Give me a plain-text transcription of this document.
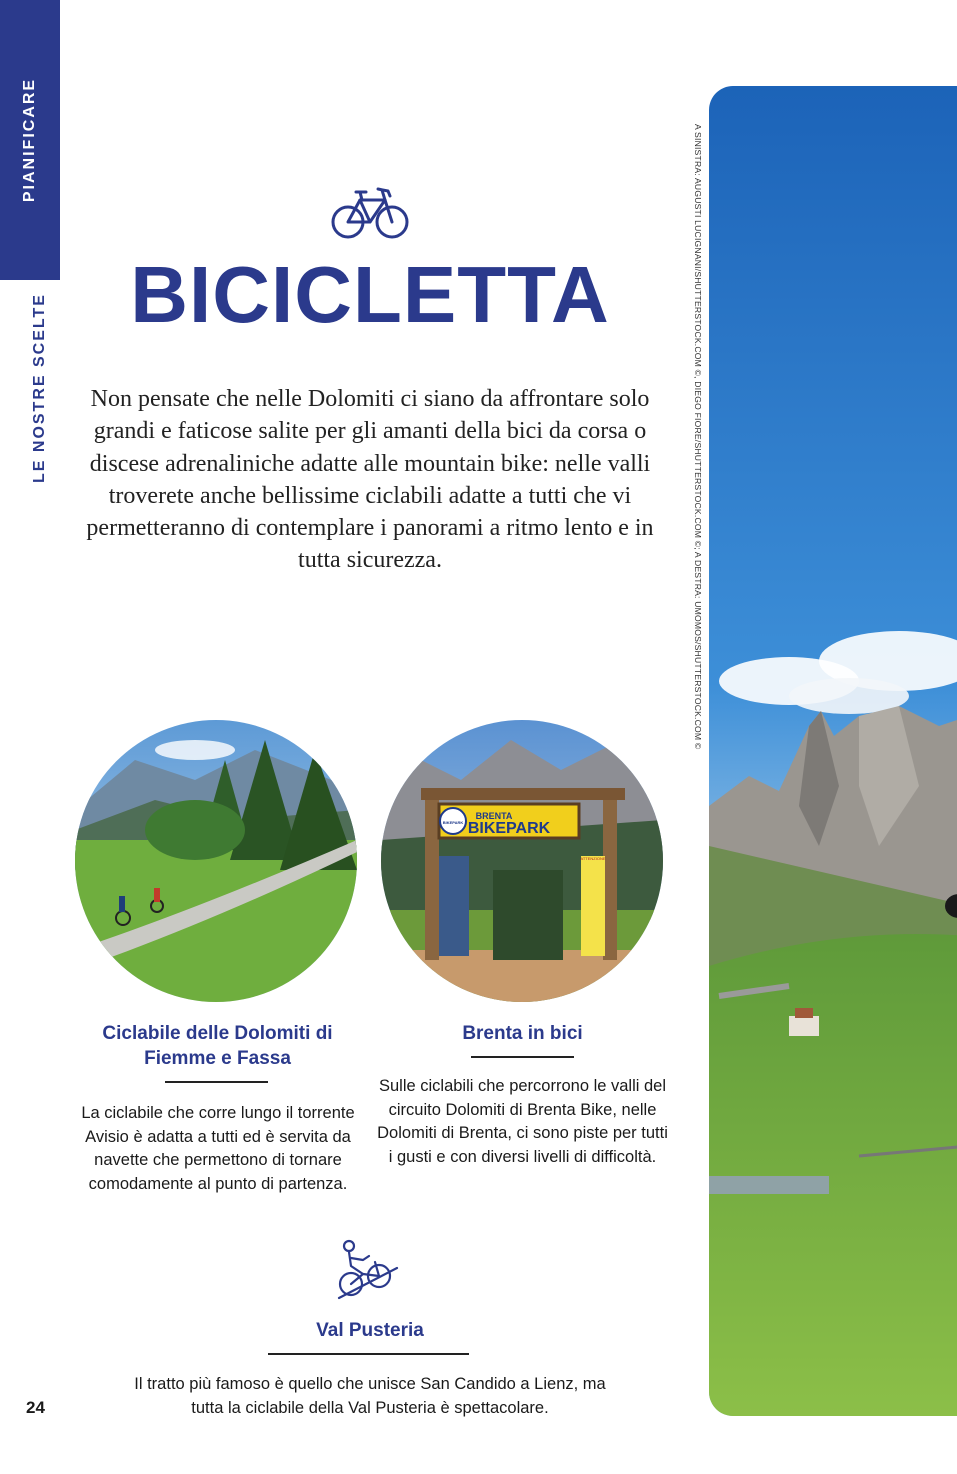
PIANIFICARE
LE NOSTRE SCELTE	BICICLETTA

Non pensate che nelle Dolomiti ci siano da affrontare solo grandi e faticose salite per gli amanti della bici da corsa o discese adrenaliniche adatte alle mountain bike: nelle valli troverete anche bellissime ciclabili adatte a tutti che vi permetteranno di contemplare i panorami a ritmo lento e in tutta sicurezza.

BRENTA
BIKEPARK
BIKEPARK
ATTENZIONE
Ciclabile delle Dolomiti di Fiemme e Fassa

La ciclabile che corre lungo il torrente Avisio è adatta a tutti ed è servita da navette che permettono di tornare comodamente al punto di partenza.

Brenta in bici

Sulle ciclabili che percorrono le valli del circuito Dolomiti di Brenta Bike, nelle Dolomiti di Brenta, ci sono piste per tutti i gusti e con diversi livelli di difficoltà.

Val Pusteria

Il tratto più famoso è quello che unisce San Candido a Lienz, ma tutta la ciclabile della Val Pusteria è spettacolare.

24
A SINISTRA: AUGUSTI LUCIGNANI/SHUTTERSTOCK.COM ©, DIEGO FIORE/SHUTTERSTOCK.COM ©; A DESTRA: UMOMOS/SHUTTERSTOCK.COM ©
